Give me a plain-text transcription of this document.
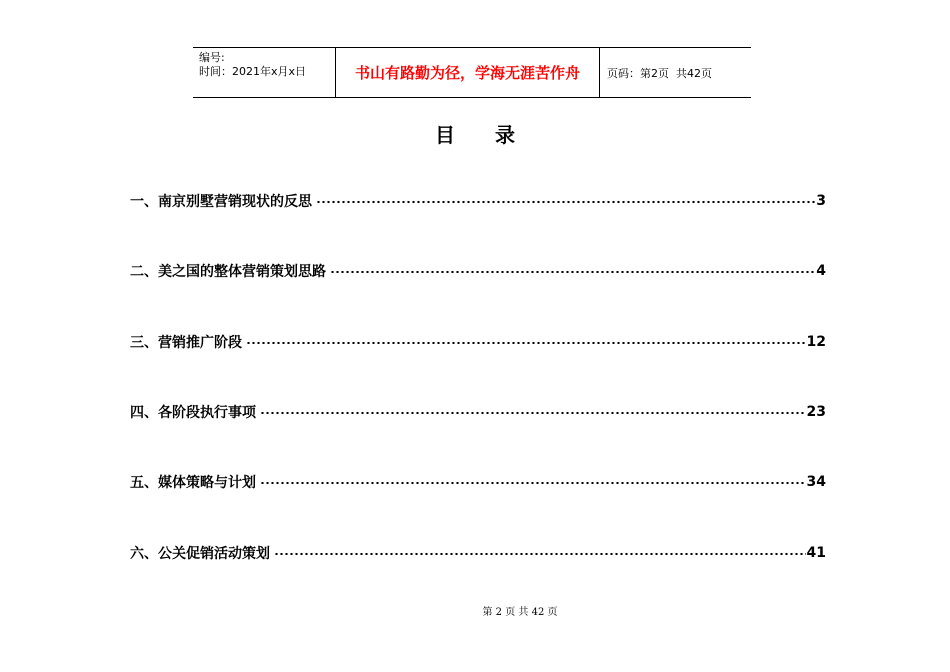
编号:
时间：2021年x月x日	书山有路勤为径，学海无涯苦作舟	页码：第2页  共42页
目录
一、南京别墅营销现状的反思	3
二、美之国的整体营销策划思路	4
三、营销推广阶段	12
四、各阶段执行事项	23
五、媒体策略与计划	34
六、公关促销活动策划	41
第 2 页 共 42 页
